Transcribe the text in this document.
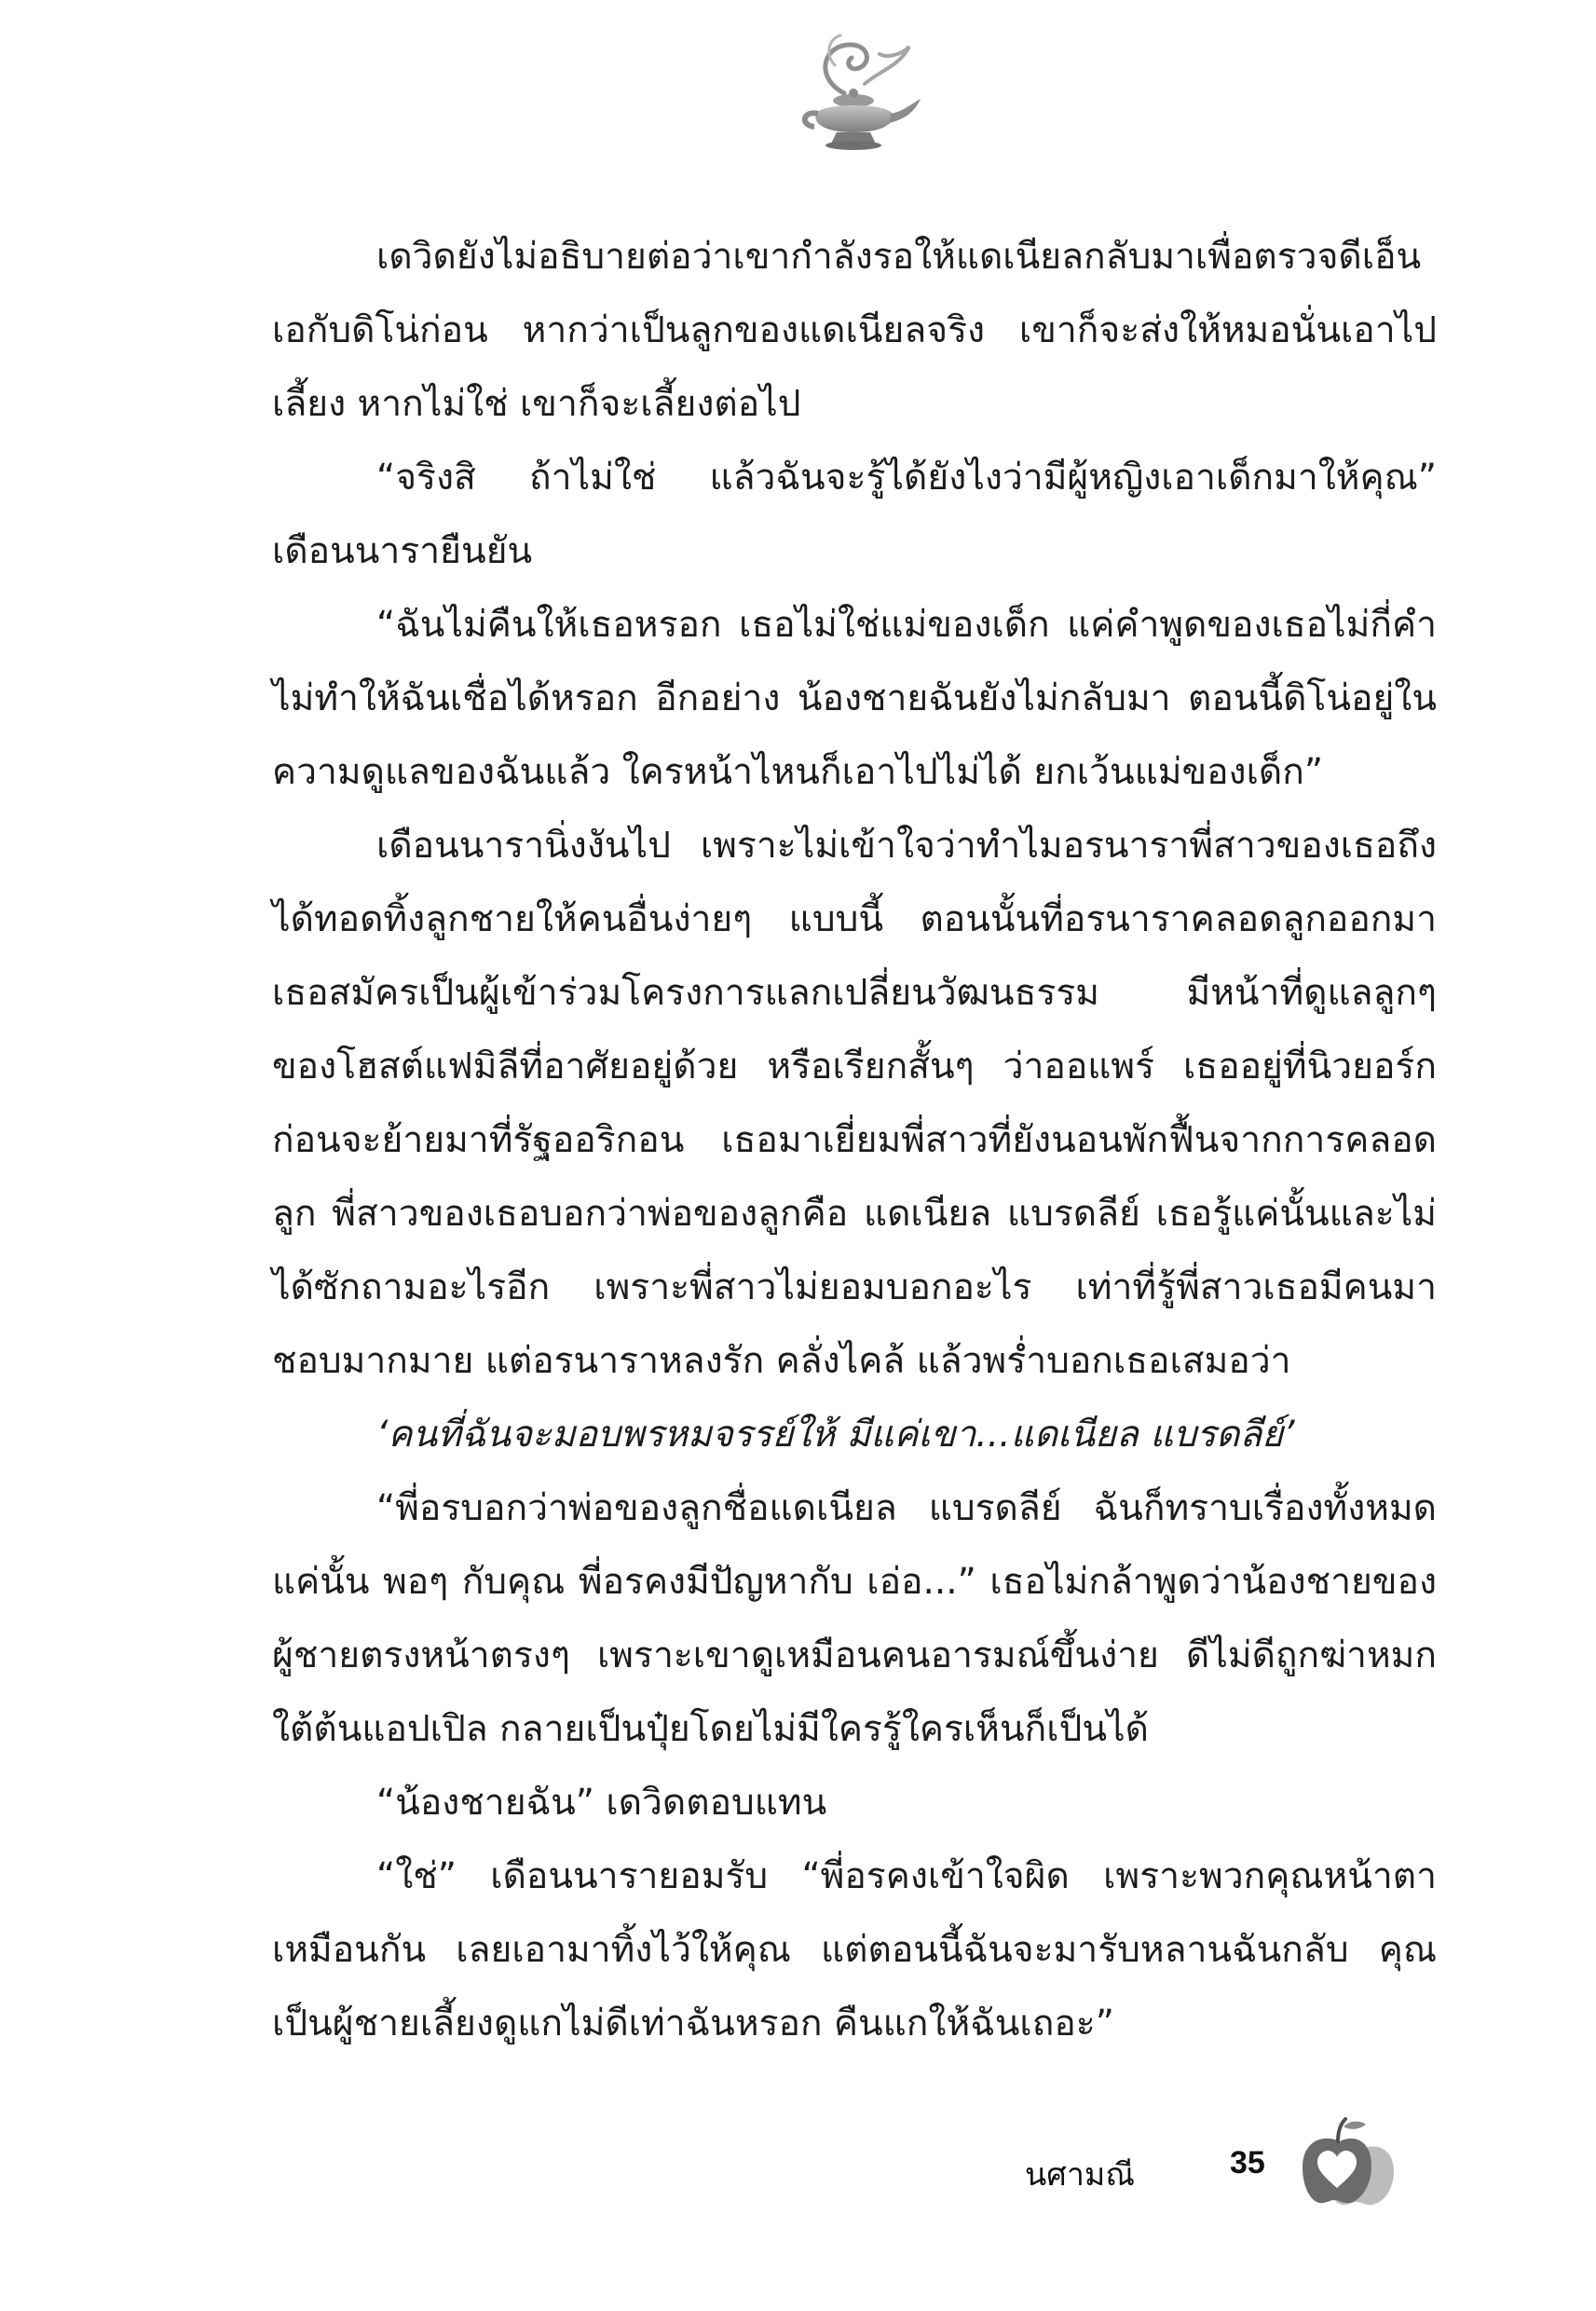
เดวิดยังไม่อธิบายต่อว่าเขากำลังรอให้แดเนียลกลับมาเพื่อตรวจดีเอ็นเอกับดิโน่ก่อน หากว่าเป็นลูกของแดเนียลจริง เขาก็จะส่งให้หมอนั่นเอาไปเลี้ยง หากไม่ใช่ เขาก็จะเลี้ยงต่อไป

“จริงสิ ถ้าไม่ใช่ แล้วฉันจะรู้ได้ยังไงว่ามีผู้หญิงเอาเด็กมาให้คุณ” เดือนนารายืนยัน

“ฉันไม่คืนให้เธอหรอก เธอไม่ใช่แม่ของเด็ก แค่คำพูดของเธอไม่กี่คำไม่ทำให้ฉันเชื่อได้หรอก อีกอย่าง น้องชายฉันยังไม่กลับมา ตอนนี้ดิโน่อยู่ในความดูแลของฉันแล้ว ใครหน้าไหนก็เอาไปไม่ได้ ยกเว้นแม่ของเด็ก”

เดือนนารานิ่งงันไป เพราะไม่เข้าใจว่าทำไมอรนาราพี่สาวของเธอถึงได้ทอดทิ้งลูกชายให้คนอื่นง่ายๆ แบบนี้ ตอนนั้นที่อรนาราคลอดลูกออกมา เธอสมัครเป็นผู้เข้าร่วมโครงการแลกเปลี่ยนวัฒนธรรม มีหน้าที่ดูแลลูกๆ ของโฮสต์แฟมิลีที่อาศัยอยู่ด้วย หรือเรียกสั้นๆ ว่าออแพร์ เธออยู่ที่นิวยอร์กก่อนจะย้ายมาที่รัฐออริกอน เธอมาเยี่ยมพี่สาวที่ยังนอนพักฟื้นจากการคลอดลูก พี่สาวของเธอบอกว่าพ่อของลูกคือ แดเนียล แบรดลีย์ เธอรู้แค่นั้นและไม่ได้ซักถามอะไรอีก เพราะพี่สาวไม่ยอมบอกอะไร เท่าที่รู้พี่สาวเธอมีคนมาชอบมากมาย แต่อรนาราหลงรัก คลั่งไคล้ แล้วพร่ำบอกเธอเสมอว่า

‘คนที่ฉันจะมอบพรหมจรรย์ให้ มีแค่เขา...แดเนียล แบรดลีย์’

“พี่อรบอกว่าพ่อของลูกชื่อแดเนียล แบรดลีย์ ฉันก็ทราบเรื่องทั้งหมดแค่นั้น พอๆ กับคุณ พี่อรคงมีปัญหากับ เอ่อ...” เธอไม่กล้าพูดว่าน้องชายของผู้ชายตรงหน้าตรงๆ เพราะเขาดูเหมือนคนอารมณ์ขึ้นง่าย ดีไม่ดีถูกฆ่าหมกใต้ต้นแอปเปิล กลายเป็นปุ๋ยโดยไม่มีใครรู้ใครเห็นก็เป็นได้

“น้องชายฉัน” เดวิดตอบแทน

“ใช่” เดือนนารายอมรับ “พี่อรคงเข้าใจผิด เพราะพวกคุณหน้าตาเหมือนกัน เลยเอามาทิ้งไว้ให้คุณ แต่ตอนนี้ฉันจะมารับหลานฉันกลับ คุณเป็นผู้ชายเลี้ยงดูแกไม่ดีเท่าฉันหรอก คืนแกให้ฉันเถอะ”

นศามณี	35
